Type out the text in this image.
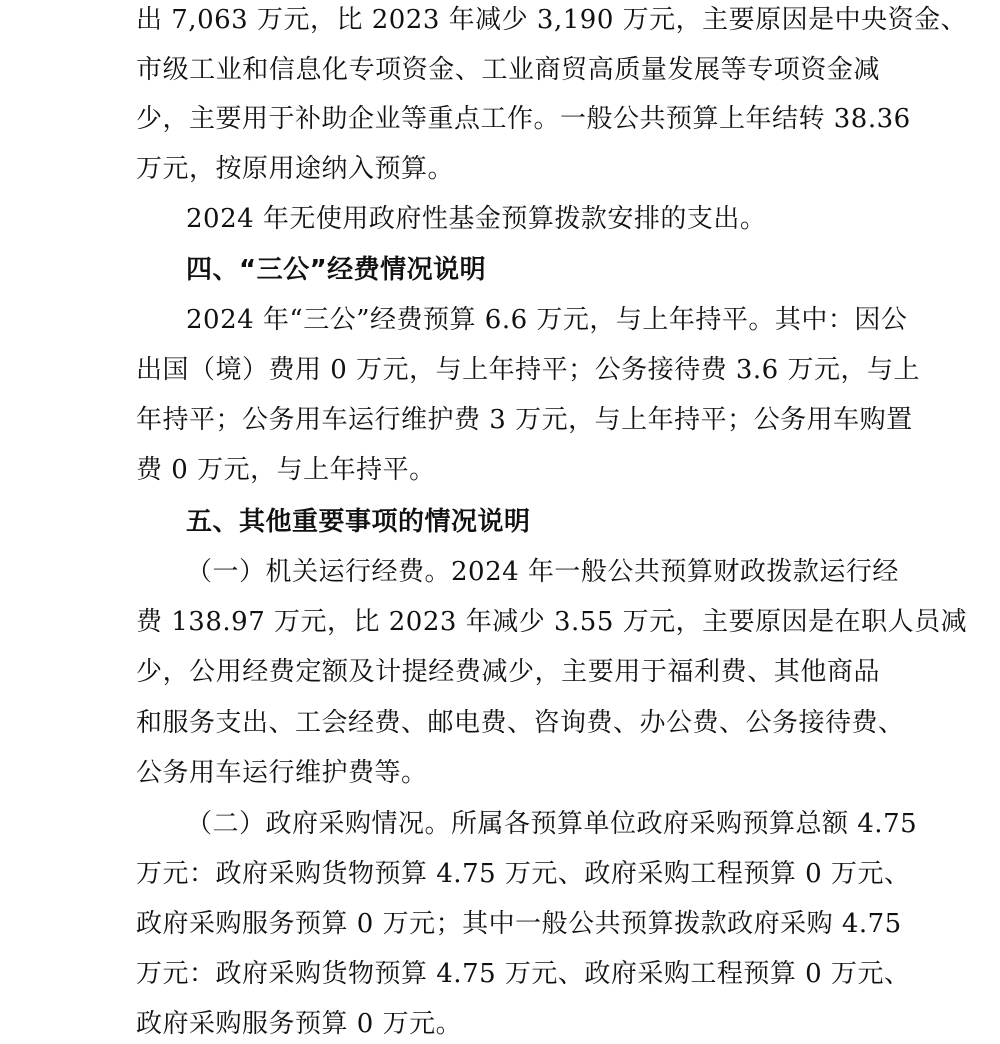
出 7,063 万元，比 2023 年减少 3,190 万元，主要原因是中央资金、
市级工业和信息化专项资金、工业商贸高质量发展等专项资金减
少，主要用于补助企业等重点工作。一般公共预算上年结转 38.36
万元，按原用途纳入预算。
2024 年无使用政府性基金预算拨款安排的支出。
四、“三公”经费情况说明
2024 年“三公”经费预算 6.6 万元，与上年持平。其中：因公
出国（境）费用 0 万元，与上年持平；公务接待费 3.6 万元，与上
年持平；公务用车运行维护费 3 万元，与上年持平；公务用车购置
费 0 万元，与上年持平。
五、其他重要事项的情况说明
（一）机关运行经费。2024 年一般公共预算财政拨款运行经
费 138.97 万元，比 2023 年减少 3.55 万元，主要原因是在职人员减
少，公用经费定额及计提经费减少，主要用于福利费、其他商品
和服务支出、工会经费、邮电费、咨询费、办公费、公务接待费、
公务用车运行维护费等。
（二）政府采购情况。所属各预算单位政府采购预算总额 4.75
万元：政府采购货物预算 4.75 万元、政府采购工程预算 0 万元、
政府采购服务预算 0 万元；其中一般公共预算拨款政府采购 4.75
万元：政府采购货物预算 4.75 万元、政府采购工程预算 0 万元、
政府采购服务预算 0 万元。
